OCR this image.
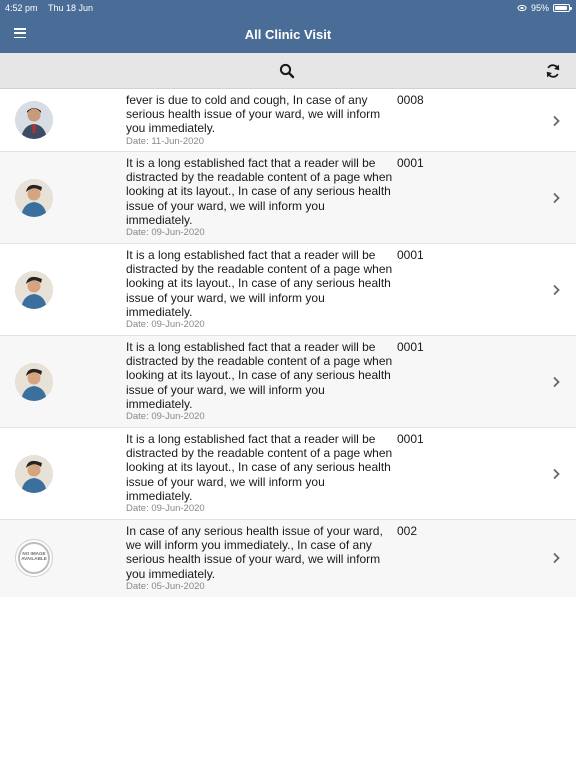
4:52 pm Thu 18 Jun	95%
All Clinic Visit
fever is due to cold and cough, In case of any serious health issue of your ward, we will inform you immediately.
Date: 11-Jun-2020
0008
It is a long established fact that a reader will be distracted by the readable content of a page when looking at its layout., In case of any serious health issue of your ward, we will inform you immediately.
Date: 09-Jun-2020
0001
It is a long established fact that a reader will be distracted by the readable content of a page when looking at its layout., In case of any serious health issue of your ward, we will inform you immediately.
Date: 09-Jun-2020
0001
It is a long established fact that a reader will be distracted by the readable content of a page when looking at its layout., In case of any serious health issue of your ward, we will inform you immediately.
Date: 09-Jun-2020
0001
It is a long established fact that a reader will be distracted by the readable content of a page when looking at its layout., In case of any serious health issue of your ward, we will inform you immediately.
Date: 09-Jun-2020
0001
NO IMAGE AVAILABLE
In case of any serious health issue of your ward, we will inform you immediately., In case of any serious health issue of your ward, we will inform you immediately.
Date: 05-Jun-2020
002
